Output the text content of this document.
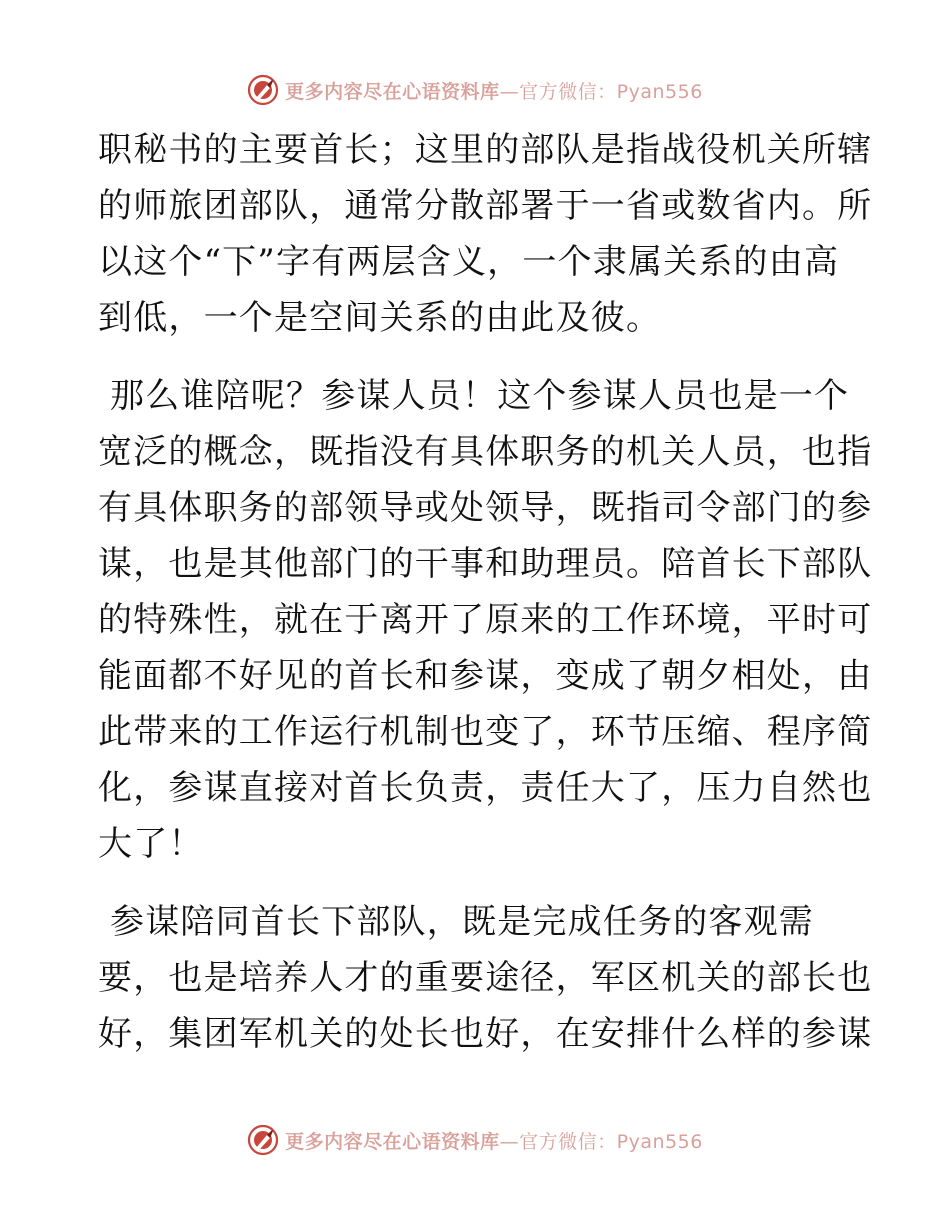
更多内容尽在心语资料库 —官方微信：Pyan556
职秘书的主要首长；这里的部队是指战役机关所辖
的师旅团部队，通常分散部署于一省或数省内。所
以这个“下”字有两层含义，一个隶属关系的由高
到低，一个是空间关系的由此及彼。
那么谁陪呢？参谋人员！这个参谋人员也是一个
宽泛的概念，既指没有具体职务的机关人员，也指
有具体职务的部领导或处领导，既指司令部门的参
谋，也是其他部门的干事和助理员。陪首长下部队
的特殊性，就在于离开了原来的工作环境，平时可
能面都不好见的首长和参谋，变成了朝夕相处，由
此带来的工作运行机制也变了，环节压缩、程序简
化，参谋直接对首长负责，责任大了，压力自然也
大了！
参谋陪同首长下部队，既是完成任务的客观需
要，也是培养人才的重要途径，军区机关的部长也
好，集团军机关的处长也好，在安排什么样的参谋
更多内容尽在心语资料库 —官方微信：Pyan556
